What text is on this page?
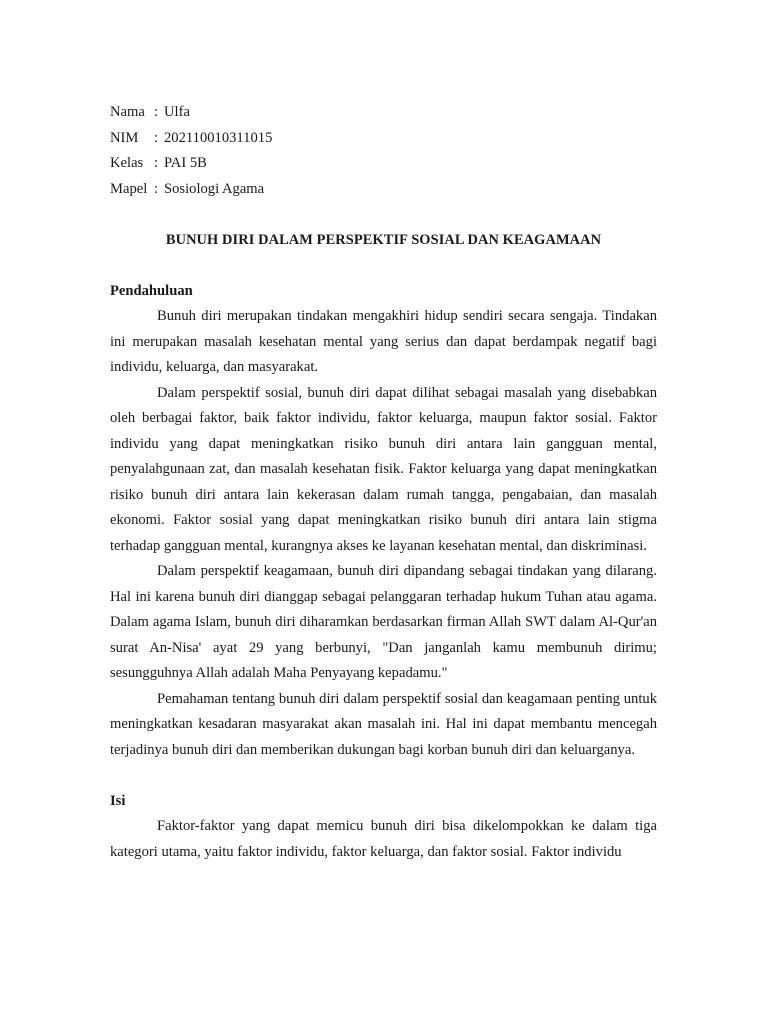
Nama : Ulfa
NIM	: 202110010311015
Kelas : PAI 5B
Mapel : Sosiologi Agama
BUNUH DIRI DALAM PERSPEKTIF SOSIAL DAN KEAGAMAAN
Pendahuluan

Bunuh diri merupakan tindakan mengakhiri hidup sendiri secara sengaja. Tindakan ini merupakan masalah kesehatan mental yang serius dan dapat berdampak negatif bagi individu, keluarga, dan masyarakat.

Dalam perspektif sosial, bunuh diri dapat dilihat sebagai masalah yang disebabkan oleh berbagai faktor, baik faktor individu, faktor keluarga, maupun faktor sosial. Faktor individu yang dapat meningkatkan risiko bunuh diri antara lain gangguan mental, penyalahgunaan zat, dan masalah kesehatan fisik. Faktor keluarga yang dapat meningkatkan risiko bunuh diri antara lain kekerasan dalam rumah tangga, pengabaian, dan masalah ekonomi. Faktor sosial yang dapat meningkatkan risiko bunuh diri antara lain stigma terhadap gangguan mental, kurangnya akses ke layanan kesehatan mental, dan diskriminasi.

Dalam perspektif keagamaan, bunuh diri dipandang sebagai tindakan yang dilarang. Hal ini karena bunuh diri dianggap sebagai pelanggaran terhadap hukum Tuhan atau agama. Dalam agama Islam, bunuh diri diharamkan berdasarkan firman Allah SWT dalam Al-Qur'an surat An-Nisa' ayat 29 yang berbunyi, "Dan janganlah kamu membunuh dirimu; sesungguhnya Allah adalah Maha Penyayang kepadamu."

Pemahaman tentang bunuh diri dalam perspektif sosial dan keagamaan penting untuk meningkatkan kesadaran masyarakat akan masalah ini. Hal ini dapat membantu mencegah terjadinya bunuh diri dan memberikan dukungan bagi korban bunuh diri dan keluarganya.

Isi

Faktor-faktor yang dapat memicu bunuh diri bisa dikelompokkan ke dalam tiga kategori utama, yaitu faktor individu, faktor keluarga, dan faktor sosial. Faktor individu
